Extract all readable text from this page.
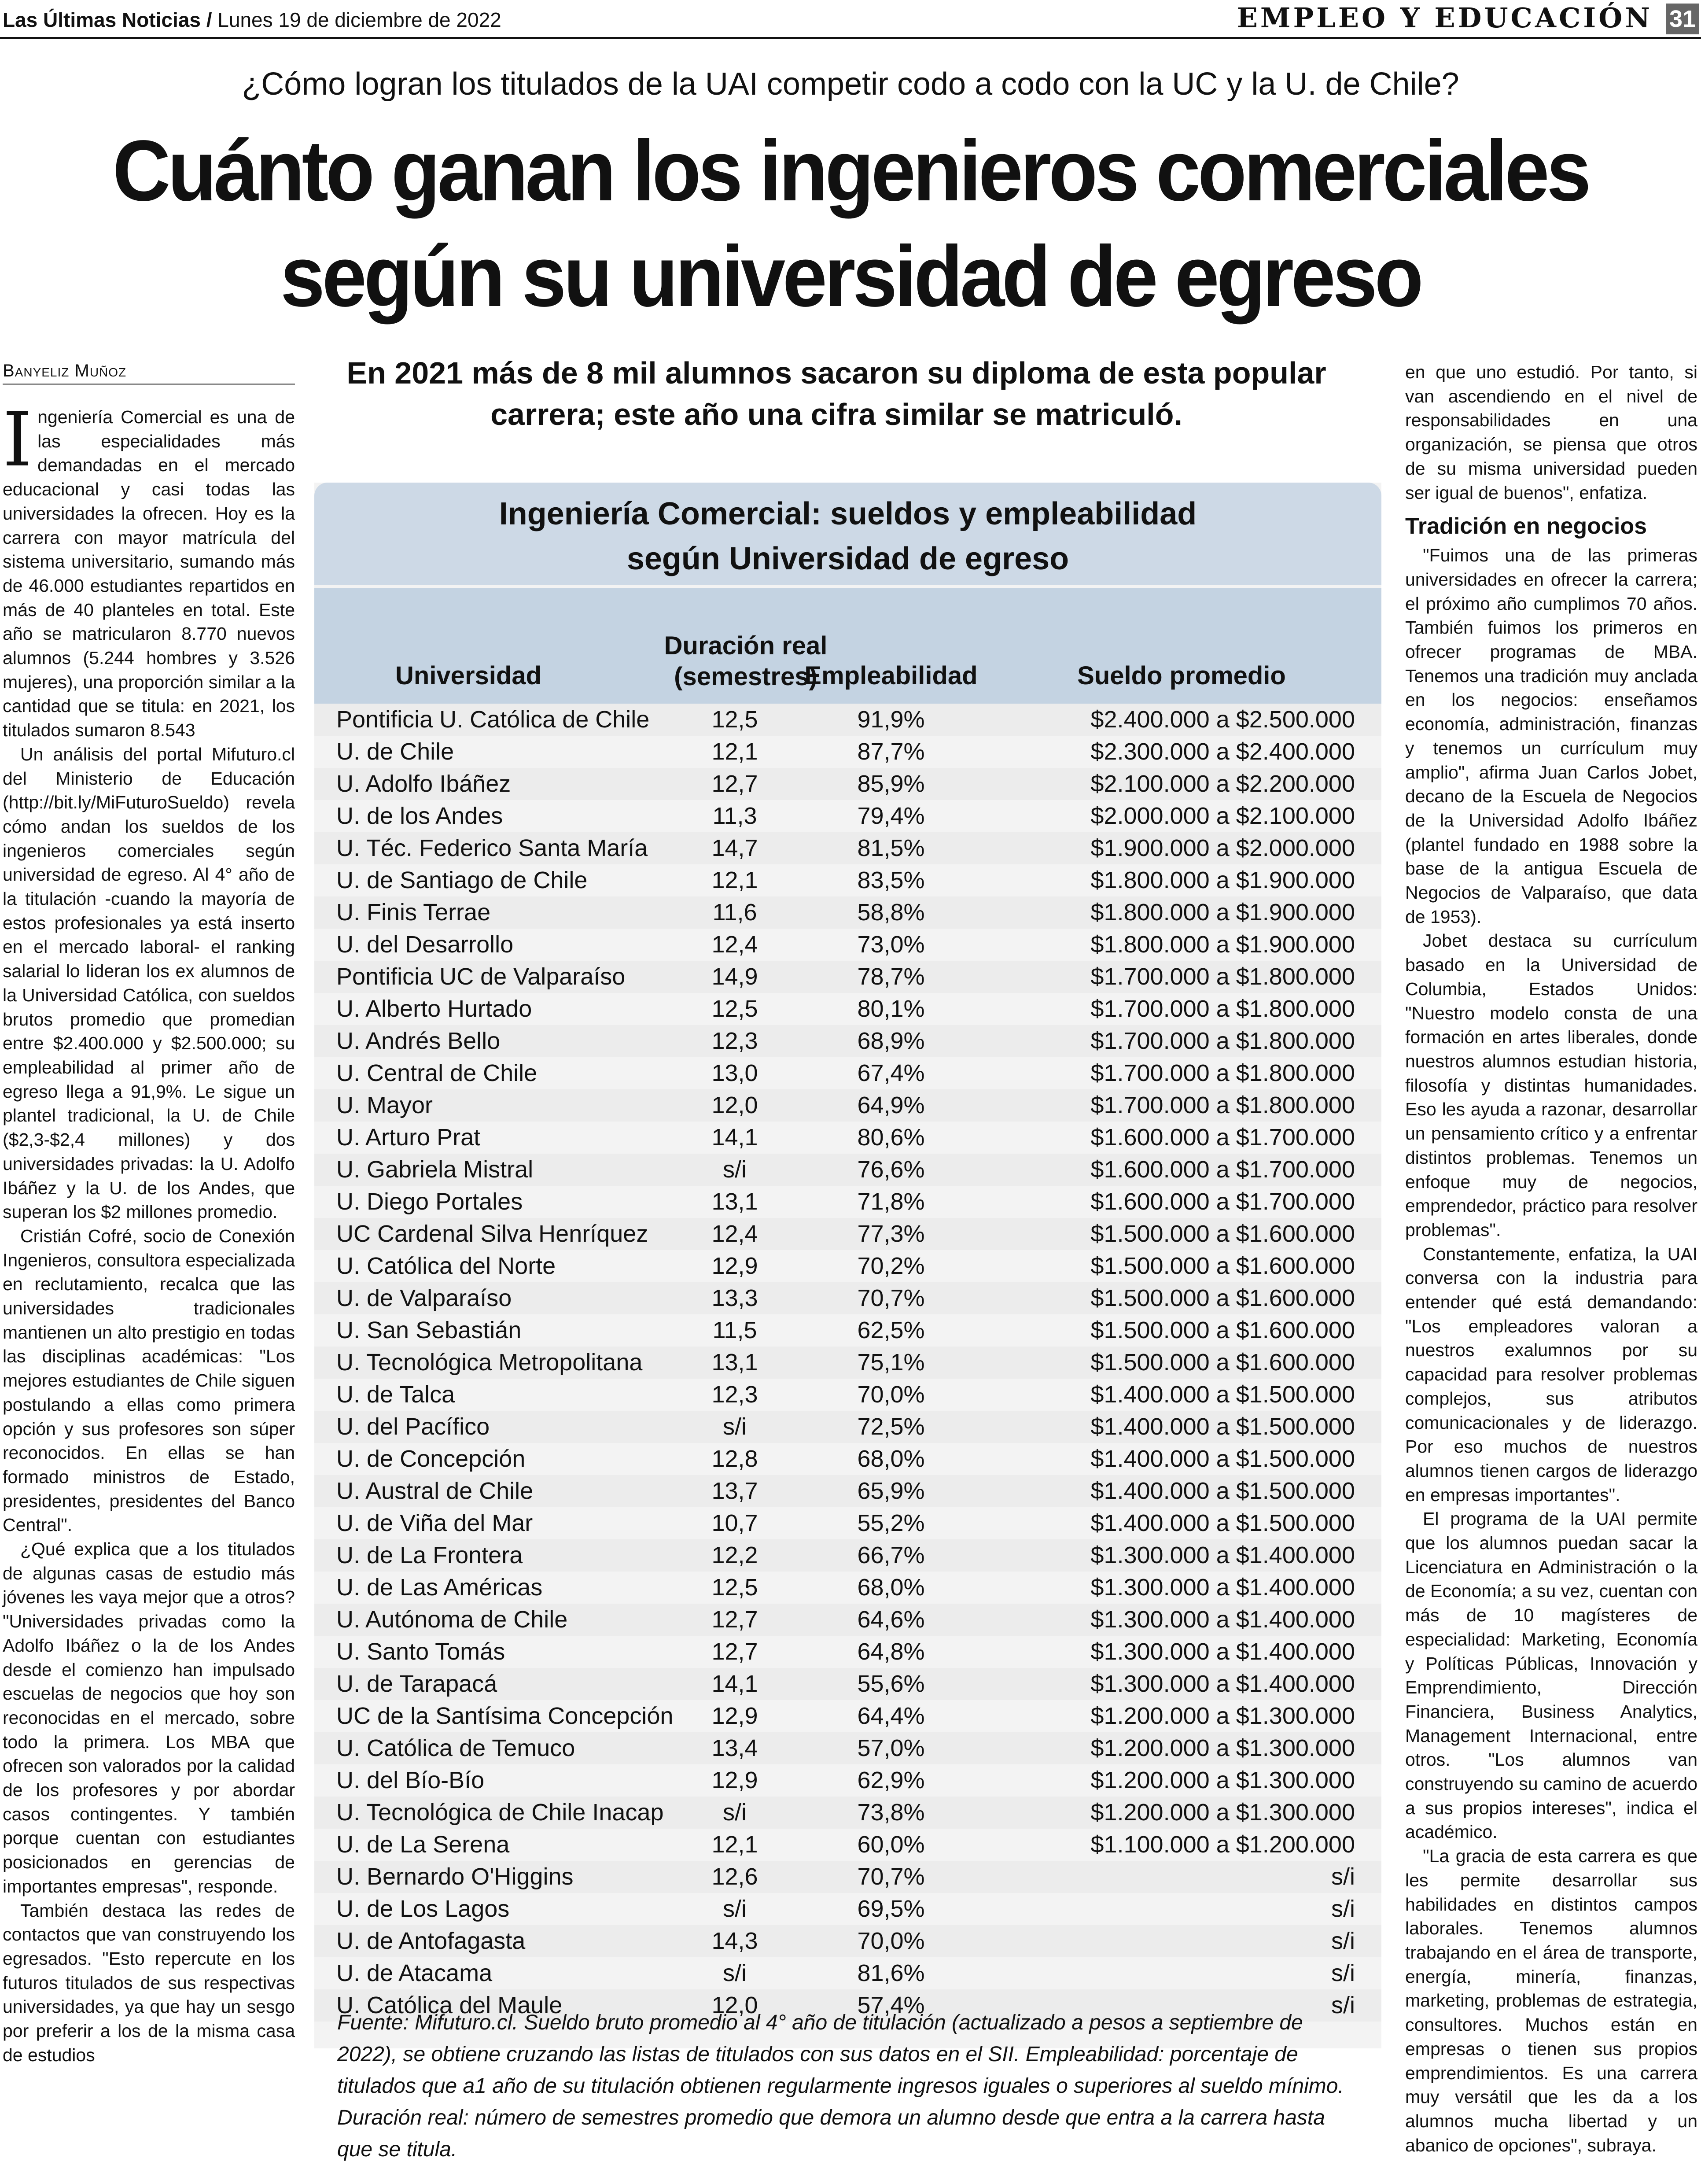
Las Últimas Noticias / Lunes 19 de diciembre de 2022	EMPLEO Y EDUCACIÓN 31
¿Cómo logran los titulados de la UAI competir codo a codo con la UC y la U. de Chile?
Cuánto ganan los ingenieros comerciales
según su universidad de egreso
En 2021 más de 8 mil alumnos sacaron su diploma de esta popular carrera; este año una cifra similar se matriculó.
Banyeliz Muñoz

Ingeniería Comercial es una de las especialidades más demandadas en el mercado educacional y casi todas las universidades la ofrecen. Hoy es la carrera con mayor matrícula del sistema universitario, sumando más de 46.000 estudiantes repartidos en más de 40 planteles en total. Este año se matricularon 8.770 nuevos alumnos (5.244 hombres y 3.526 mujeres), una proporción similar a la cantidad que se titula: en 2021, los titulados sumaron 8.543

Un análisis del portal Mifuturo.cl del Ministerio de Educación (http://bit.ly/MiFuturoSueldo) revela cómo andan los sueldos de los ingenieros comerciales según universidad de egreso. Al 4° año de la titulación -cuando la mayoría de estos profesionales ya está inserto en el mercado laboral- el ranking salarial lo lideran los ex alumnos de la Universidad Católica, con sueldos brutos promedio que promedian entre $2.400.000 y $2.500.000; su empleabilidad al primer año de egreso llega a 91,9%. Le sigue un plantel tradicional, la U. de Chile ($2,3-$2,4 millones) y dos universidades privadas: la U. Adolfo Ibáñez y la U. de los Andes, que superan los $2 millones promedio.

Cristián Cofré, socio de Conexión Ingenieros, consultora especializada en reclutamiento, recalca que las universidades tradicionales mantienen un alto prestigio en todas las disciplinas académicas: "Los mejores estudiantes de Chile siguen postulando a ellas como primera opción y sus profesores son súper reconocidos. En ellas se han formado ministros de Estado, presidentes, presidentes del Banco Central".

¿Qué explica que a los titulados de algunas casas de estudio más jóvenes les vaya mejor que a otros? "Universidades privadas como la Adolfo Ibáñez o la de los Andes desde el comienzo han impulsado escuelas de negocios que hoy son reconocidas en el mercado, sobre todo la primera. Los MBA que ofrecen son valorados por la calidad de los profesores y por abordar casos contingentes. Y también porque cuentan con estudiantes posicionados en gerencias de importantes empresas", responde.

También destaca las redes de contactos que van construyendo los egresados. "Esto repercute en los futuros titulados de sus respectivas universidades, ya que hay un sesgo por preferir a los de la misma casa de estudios

en que uno estudió. Por tanto, si van ascendiendo en el nivel de responsabilidades en una organización, se piensa que otros de su misma universidad pueden ser igual de buenos", enfatiza.

Tradición en negocios

"Fuimos una de las primeras universidades en ofrecer la carrera; el próximo año cumplimos 70 años. También fuimos los primeros en ofrecer programas de MBA. Tenemos una tradición muy anclada en los negocios: enseñamos economía, administración, finanzas y tenemos un currículum muy amplio", afirma Juan Carlos Jobet, decano de la Escuela de Negocios de la Universidad Adolfo Ibáñez (plantel fundado en 1988 sobre la base de la antigua Escuela de Negocios de Valparaíso, que data de 1953).

Jobet destaca su currículum basado en la Universidad de Columbia, Estados Unidos: "Nuestro modelo consta de una formación en artes liberales, donde nuestros alumnos estudian historia, filosofía y distintas humanidades. Eso les ayuda a razonar, desarrollar un pensamiento crítico y a enfrentar distintos problemas. Tenemos un enfoque muy de negocios, emprendedor, práctico para resolver problemas".

Constantemente, enfatiza, la UAI conversa con la industria para entender qué está demandando: "Los empleadores valoran a nuestros exalumnos por su capacidad para resolver problemas complejos, sus atributos comunicacionales y de liderazgo. Por eso muchos de nuestros alumnos tienen cargos de liderazgo en empresas importantes".

El programa de la UAI permite que los alumnos puedan sacar la Licenciatura en Administración o la de Economía; a su vez, cuentan con más de 10 magísteres de especialidad: Marketing, Economía y Políticas Públicas, Innovación y Emprendimiento, Dirección Financiera, Business Analytics, Management Internacional, entre otros. "Los alumnos van construyendo su camino de acuerdo a sus propios intereses", indica el académico.

"La gracia de esta carrera es que les permite desarrollar sus habilidades en distintos campos laborales. Tenemos alumnos trabajando en el área de transporte, energía, minería, finanzas, marketing, problemas de estrategia, consultores. Muchos están en empresas o tienen sus propios emprendimientos. Es una carrera muy versátil que les da a los alumnos mucha libertad y un abanico de opciones", subraya.

Ingeniería Comercial: sueldos y empleabilidad
según Universidad de egreso
Universidad
Duración real
(semestres)
Empleabilidad	Sueldo promedio
Pontificia U. Católica de Chile	12,5	91,9%	$2.400.000 a $2.500.000
U. de Chile	12,1	87,7%	$2.300.000 a $2.400.000
U. Adolfo Ibáñez	12,7	85,9%	$2.100.000 a $2.200.000
U. de los Andes	11,3	79,4%	$2.000.000 a $2.100.000
U. Téc. Federico Santa María	14,7	81,5%	$1.900.000 a $2.000.000
U. de Santiago de Chile	12,1	83,5%	$1.800.000 a $1.900.000
U. Finis Terrae	11,6	58,8%	$1.800.000 a $1.900.000
U. del Desarrollo	12,4	73,0%	$1.800.000 a $1.900.000
Pontificia UC de Valparaíso	14,9	78,7%	$1.700.000 a $1.800.000
U. Alberto Hurtado	12,5	80,1%	$1.700.000 a $1.800.000
U. Andrés Bello	12,3	68,9%	$1.700.000 a $1.800.000
U. Central de Chile	13,0	67,4%	$1.700.000 a $1.800.000
U. Mayor	12,0	64,9%	$1.700.000 a $1.800.000
U. Arturo Prat	14,1	80,6%	$1.600.000 a $1.700.000
U. Gabriela Mistral	s/i	76,6%	$1.600.000 a $1.700.000
U. Diego Portales	13,1	71,8%	$1.600.000 a $1.700.000
UC Cardenal Silva Henríquez	12,4	77,3%	$1.500.000 a $1.600.000
U. Católica del Norte	12,9	70,2%	$1.500.000 a $1.600.000
U. de Valparaíso	13,3	70,7%	$1.500.000 a $1.600.000
U. San Sebastián	11,5	62,5%	$1.500.000 a $1.600.000
U. Tecnológica Metropolitana	13,1	75,1%	$1.500.000 a $1.600.000
U. de Talca	12,3	70,0%	$1.400.000 a $1.500.000
U. del Pacífico	s/i	72,5%	$1.400.000 a $1.500.000
U. de Concepción	12,8	68,0%	$1.400.000 a $1.500.000
U. Austral de Chile	13,7	65,9%	$1.400.000 a $1.500.000
U. de Viña del Mar	10,7	55,2%	$1.400.000 a $1.500.000
U. de La Frontera	12,2	66,7%	$1.300.000 a $1.400.000
U. de Las Américas	12,5	68,0%	$1.300.000 a $1.400.000
U. Autónoma de Chile	12,7	64,6%	$1.300.000 a $1.400.000
U. Santo Tomás	12,7	64,8%	$1.300.000 a $1.400.000
U. de Tarapacá	14,1	55,6%	$1.300.000 a $1.400.000
UC de la Santísima Concepción	12,9	64,4%	$1.200.000 a $1.300.000
U. Católica de Temuco	13,4	57,0%	$1.200.000 a $1.300.000
U. del Bío-Bío	12,9	62,9%	$1.200.000 a $1.300.000
U. Tecnológica de Chile Inacap	s/i	73,8%	$1.200.000 a $1.300.000
U. de La Serena	12,1	60,0%	$1.100.000 a $1.200.000
U. Bernardo O'Higgins	12,6	70,7%	s/i
U. de Los Lagos	s/i	69,5%	s/i
U. de Antofagasta	14,3	70,0%	s/i
U. de Atacama	s/i	81,6%	s/i
U. Católica del Maule	12,0	57,4%	s/i
Fuente: Mifuturo.cl. Sueldo bruto promedio al 4° año de titulación (actualizado a pesos a septiembre de 2022), se obtiene cruzando las listas de titulados con sus datos en el SII. Empleabilidad: porcentaje de titulados que a1 año de su titulación obtienen regularmente ingresos iguales o superiores al sueldo mínimo. Duración real: número de semestres promedio que demora un alumno desde que entra a la carrera hasta que se titula.
